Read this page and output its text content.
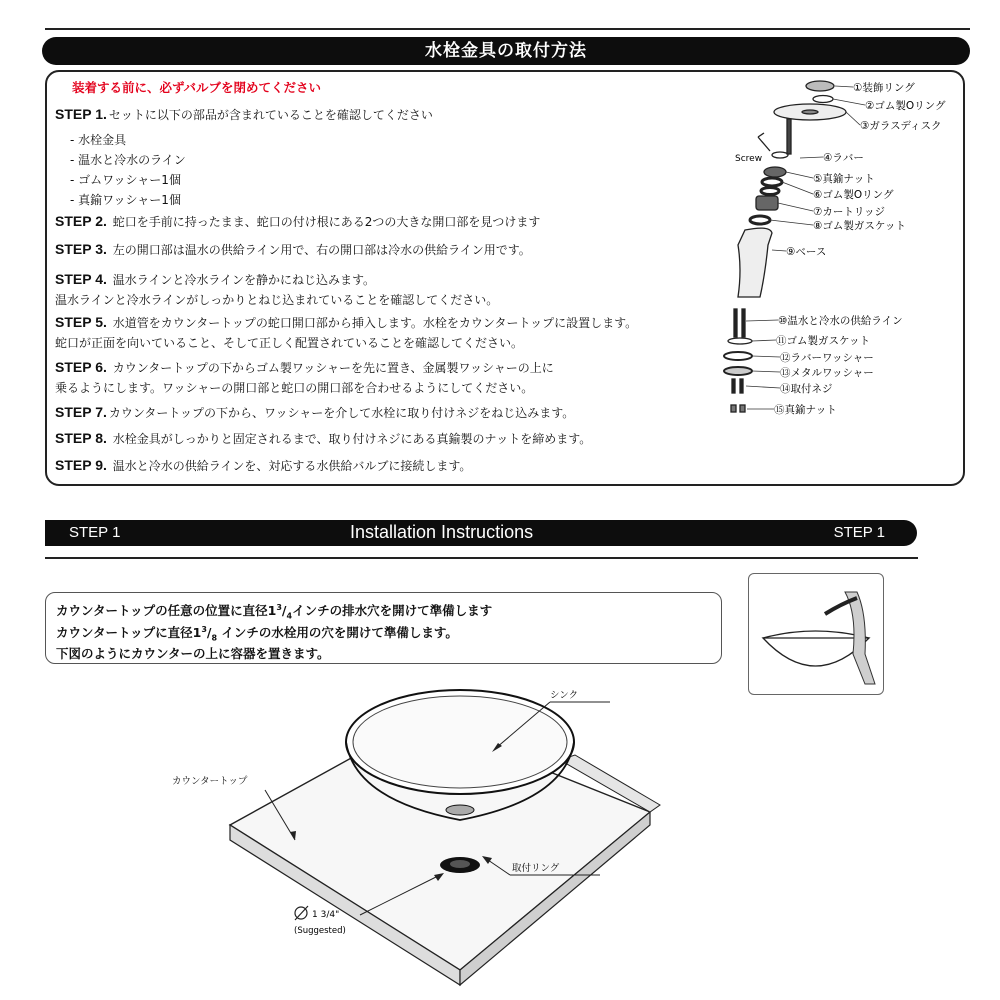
水栓金具の取付方法
装着する前に、必ずバルブを閉めてください
STEP 1. セットに以下の部品が含まれていることを確認してください
- 水栓金具
- 温水と冷水のライン
- ゴムワッシャー1個
- 真鍮ワッシャー1個
STEP 2. 蛇口を手前に持ったまま、蛇口の付け根にある2つの大きな開口部を見つけます
STEP 3. 左の開口部は温水の供給ライン用で、右の開口部は冷水の供給ライン用です。
STEP 4. 温水ラインと冷水ラインを静かにねじ込みます。
温水ラインと冷水ラインがしっかりとねじ込まれていることを確認してください。
STEP 5. 水道管をカウンタートップの蛇口開口部から挿入します。水栓をカウンタートップに設置します。
蛇口が正面を向いていること、そして正しく配置されていることを確認してください。
STEP 6. カウンタートップの下からゴム製ワッシャーを先に置き、金属製ワッシャーの上に
乗るようにします。ワッシャーの開口部と蛇口の開口部を合わせるようにしてください。
STEP 7. カウンタートップの下から、ワッシャーを介して水栓に取り付けネジをねじ込みます。
STEP 8. 水栓金具がしっかりと固定されるまで、取り付けネジにある真鍮製のナットを締めます。
STEP 9. 温水と冷水の供給ラインを、対応する水供給バルブに接続します。
Screw
①装飾リング
②ゴム製Oリング
③ガラスディスク
④ラバー
⑤真鍮ナット
⑥ゴム製Oリング
⑦カートリッジ
⑧ゴム製ガスケット
⑨ベース
⑩温水と冷水の供給ライン
⑪ゴム製ガスケット
⑫ラバーワッシャー
⑬メタルワッシャー
⑭取付ネジ
⑮真鍮ナット
STEP 1	Installation Instructions	STEP 1
カウンタートップの任意の位置に直径$1^3/_4$インチの排水穴を開けて準備します
カウンタートップに直径$1^3/_8$ インチの水栓用の穴を開けて準備します。
下図のようにカウンターの上に容器を置きます。
シンク
取付リング
1 3/4"
(Suggested)
カウンタートップ
